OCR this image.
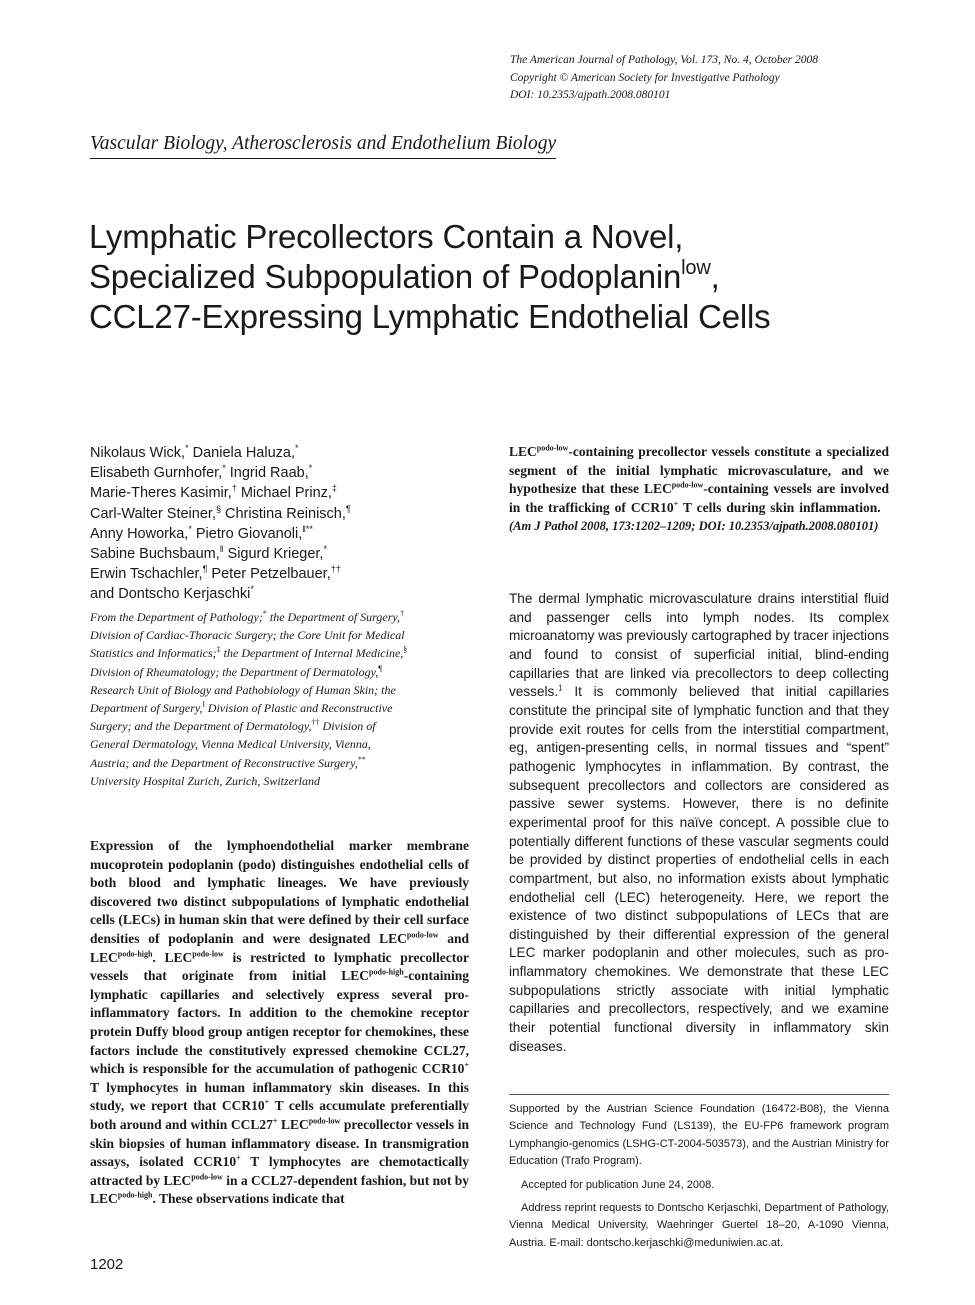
The American Journal of Pathology, Vol. 173, No. 4, October 2008
Copyright © American Society for Investigative Pathology
DOI: 10.2353/ajpath.2008.080101
Vascular Biology, Atherosclerosis and Endothelium Biology
Lymphatic Precollectors Contain a Novel,
Specialized Subpopulation of Podoplanin$^{low}$,
CCL27-Expressing Lymphatic Endothelial Cells
Nikolaus Wick,* Daniela Haluza,*
Elisabeth Gurnhofer,* Ingrid Raab,*
Marie-Theres Kasimir,† Michael Prinz,‡
Carl-Walter Steiner,§ Christina Reinisch,¶
Anny Howorka,* Pietro Giovanoli,‖**
Sabine Buchsbaum,‖ Sigurd Krieger,*
Erwin Tschachler,¶ Peter Petzelbauer,††
and Dontscho Kerjaschki*
From the Department of Pathology;* the Department of Surgery,†
Division of Cardiac-Thoracic Surgery; the Core Unit for Medical
Statistics and Informatics;‡ the Department of Internal Medicine,§
Division of Rheumatology; the Department of Dermatology,¶
Research Unit of Biology and Pathobiology of Human Skin; the
Department of Surgery,‖ Division of Plastic and Reconstructive
Surgery; and the Department of Dermatology,†† Division of
General Dermatology, Vienna Medical University, Vienna,
Austria; and the Department of Reconstructive Surgery,**
University Hospital Zurich, Zurich, Switzerland
Expression of the lymphoendothelial marker membrane mucoprotein podoplanin (podo) distinguishes endothelial cells of both blood and lymphatic lineages. We have previously discovered two distinct subpopulations of lymphatic endothelial cells (LECs) in human skin that were defined by their cell surface densities of podoplanin and were designated $LEC^{podo-low}$ and $LEC^{podo-high}$. $LEC^{podo-low}$ is restricted to lymphatic precollector vessels that originate from initial $LEC^{podo-high}$-containing lymphatic capillaries and selectively express several pro-inflammatory factors. In addition to the chemokine receptor protein Duffy blood group antigen receptor for chemokines, these factors include the constitutively expressed chemokine CCL27, which is responsible for the accumulation of pathogenic CCR10+ T lymphocytes in human inflammatory skin diseases. In this study, we report that CCR10+ T cells accumulate preferentially both around and within CCL27+ $LEC^{podo-low}$ precollector vessels in skin biopsies of human inflammatory disease. In transmigration assays, isolated CCR10+ T lymphocytes are chemotactically attracted by $LEC^{podo-low}$ in a CCL27-dependent fashion, but not by $LEC^{podo-high}$. These observations indicate that
$LEC^{podo-low}$-containing precollector vessels constitute a specialized segment of the initial lymphatic microvasculature, and we hypothesize that these $LEC^{podo-low}$-containing vessels are involved in the trafficking of CCR10+ T cells during skin inflammation.   (Am J Pathol 2008, 173:1202–1209; DOI: 10.2353/ajpath.2008.080101)
The dermal lymphatic microvasculature drains interstitial fluid and passenger cells into lymph nodes. Its complex microanatomy was previously cartographed by tracer injections and found to consist of superficial initial, blind-ending capillaries that are linked via precollectors to deep collecting vessels.$^1$ It is commonly believed that initial capillaries constitute the principal site of lymphatic function and that they provide exit routes for cells from the interstitial compartment, eg, antigen-presenting cells, in normal tissues and “spent” pathogenic lymphocytes in inflammation. By contrast, the subsequent precollectors and collectors are considered as passive sewer systems. However, there is no definite experimental proof for this naïve concept. A possible clue to potentially different functions of these vascular segments could be provided by distinct properties of endothelial cells in each compartment, but also, no information exists about lymphatic endothelial cell (LEC) heterogeneity. Here, we report the existence of two distinct subpopulations of LECs that are distinguished by their differential expression of the general LEC marker podoplanin and other molecules, such as pro-inflammatory chemokines. We demonstrate that these LEC subpopulations strictly associate with initial lymphatic capillaries and precollectors, respectively, and we examine their potential functional diversity in inflammatory skin diseases.

Supported by the Austrian Science Foundation (16472-B08), the Vienna Science and Technology Fund (LS139), the EU-FP6 framework program Lymphangio-genomics (LSHG-CT-2004-503573), and the Austrian Ministry for Education (Trafo Program).

Accepted for publication June 24, 2008.

Address reprint requests to Dontscho Kerjaschki, Department of Pathology, Vienna Medical University, Waehringer Guertel 18–20, A-1090 Vienna, Austria. E-mail: dontscho.kerjaschki@meduniwien.ac.at.

1202
